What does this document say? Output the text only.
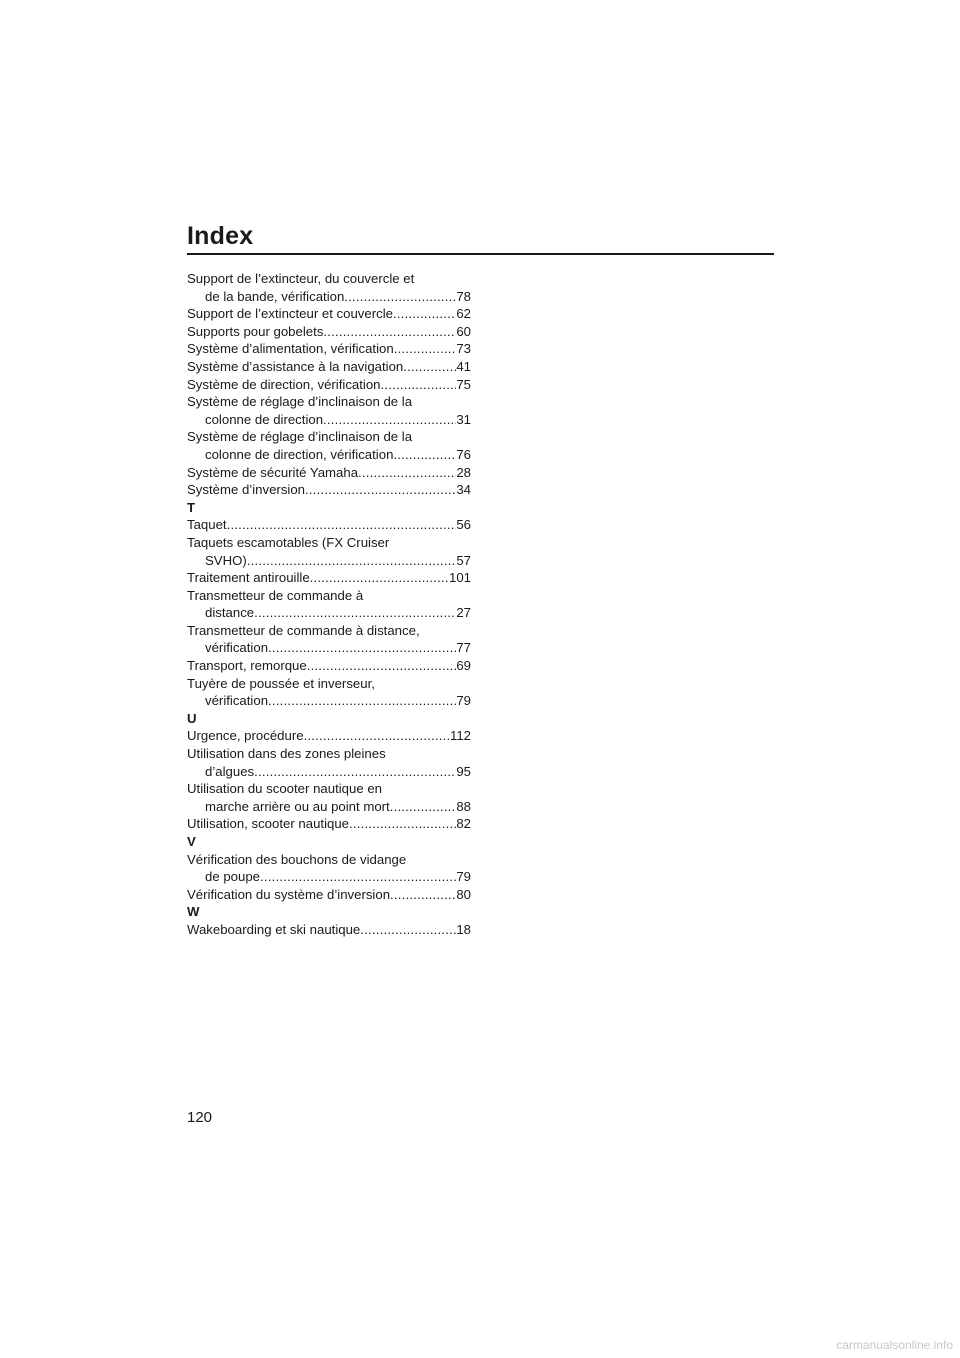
Index
Support de l’extincteur, du couvercle et
de la bande, vérification .....	78
Support de l’extincteur et couvercle .....	62
Supports pour gobelets .....	60
Système d’alimentation, vérification .....	73
Système d’assistance à la navigation .....	41
Système de direction, vérification .....	75
Système de réglage d’inclinaison de la
colonne de direction .....	31
Système de réglage d’inclinaison de la
colonne de direction, vérification .....	76
Système de sécurité Yamaha .....	28
Système d’inversion .....	34
T
Taquet .....	56
Taquets escamotables (FX Cruiser
SVHO) .....	57
Traitement antirouille .....	101
Transmetteur de commande à
distance .....	27
Transmetteur de commande à distance,
vérification .....	77
Transport, remorque .....	69
Tuyère de poussée et inverseur,
vérification .....	79
U
Urgence, procédure .....	112
Utilisation dans des zones pleines
d’algues .....	95
Utilisation du scooter nautique en
marche arrière ou au point mort .....	88
Utilisation, scooter nautique .....	82
V
Vérification des bouchons de vidange
de poupe .....	79
Vérification du système d’inversion .....	80
W
Wakeboarding et ski nautique .....	18
120
carmanualsonline.info
